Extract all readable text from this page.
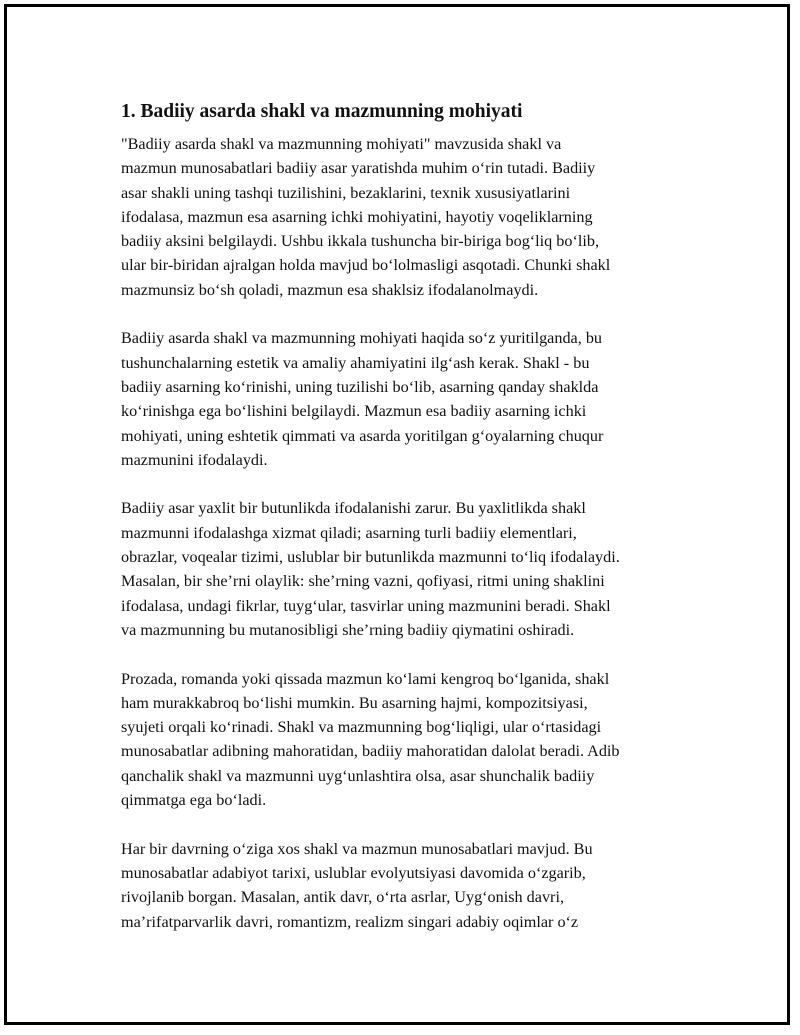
1. Badiiy asarda shakl va mazmunning mohiyati

"Badiiy asarda shakl va mazmunning mohiyati" mavzusida shakl va
mazmun munosabatlari badiiy asar yaratishda muhim oʻrin tutadi. Badiiy
asar shakli uning tashqi tuzilishini, bezaklarini, texnik xususiyatlarini
ifodalasa, mazmun esa asarning ichki mohiyatini, hayotiy voqeliklarning
badiiy aksini belgilaydi. Ushbu ikkala tushuncha bir-biriga bogʻliq boʻlib,
ular bir-biridan ajralgan holda mavjud boʻlolmasligi asqotadi. Chunki shakl
mazmunsiz boʻsh qoladi, mazmun esa shaklsiz ifodalanolmaydi.

Badiiy asarda shakl va mazmunning mohiyati haqida soʻz yuritilganda, bu
tushunchalarning estetik va amaliy ahamiyatini ilgʻash kerak. Shakl - bu
badiiy asarning koʻrinishi, uning tuzilishi boʻlib, asarning qanday shaklda
koʻrinishga ega boʻlishini belgilaydi. Mazmun esa badiiy asarning ichki
mohiyati, uning eshtetik qimmati va asarda yoritilgan gʻoyalarning chuqur
mazmunini ifodalaydi.

Badiiy asar yaxlit bir butunlikda ifodalanishi zarur. Bu yaxlitlikda shakl
mazmunni ifodalashga xizmat qiladi; asarning turli badiiy elementlari,
obrazlar, voqealar tizimi, uslublar bir butunlikda mazmunni toʻliq ifodalaydi.
Masalan, bir sheʼrni olaylik: sheʼrning vazni, qofiyasi, ritmi uning shaklini
ifodalasa, undagi fikrlar, tuygʻular, tasvirlar uning mazmunini beradi. Shakl
va mazmunning bu mutanosibligi sheʼrning badiiy qiymatini oshiradi.

Prozada, romanda yoki qissada mazmun koʻlami kengroq boʻlganida, shakl
ham murakkabroq boʻlishi mumkin. Bu asarning hajmi, kompozitsiyasi,
syujeti orqali koʻrinadi. Shakl va mazmunning bogʻliqligi, ular oʻrtasidagi
munosabatlar adibning mahoratidan, badiiy mahoratidan dalolat beradi. Adib
qanchalik shakl va mazmunni uygʻunlashtira olsa, asar shunchalik badiiy
qimmatga ega boʻladi.

Har bir davrning oʻziga xos shakl va mazmun munosabatlari mavjud. Bu
munosabatlar adabiyot tarixi, uslublar evolyutsiyasi davomida oʻzgarib,
rivojlanib borgan. Masalan, antik davr, oʻrta asrlar, Uygʻonish davri,
maʼrifatparvarlik davri, romantizm, realizm singari adabiy oqimlar oʻz
